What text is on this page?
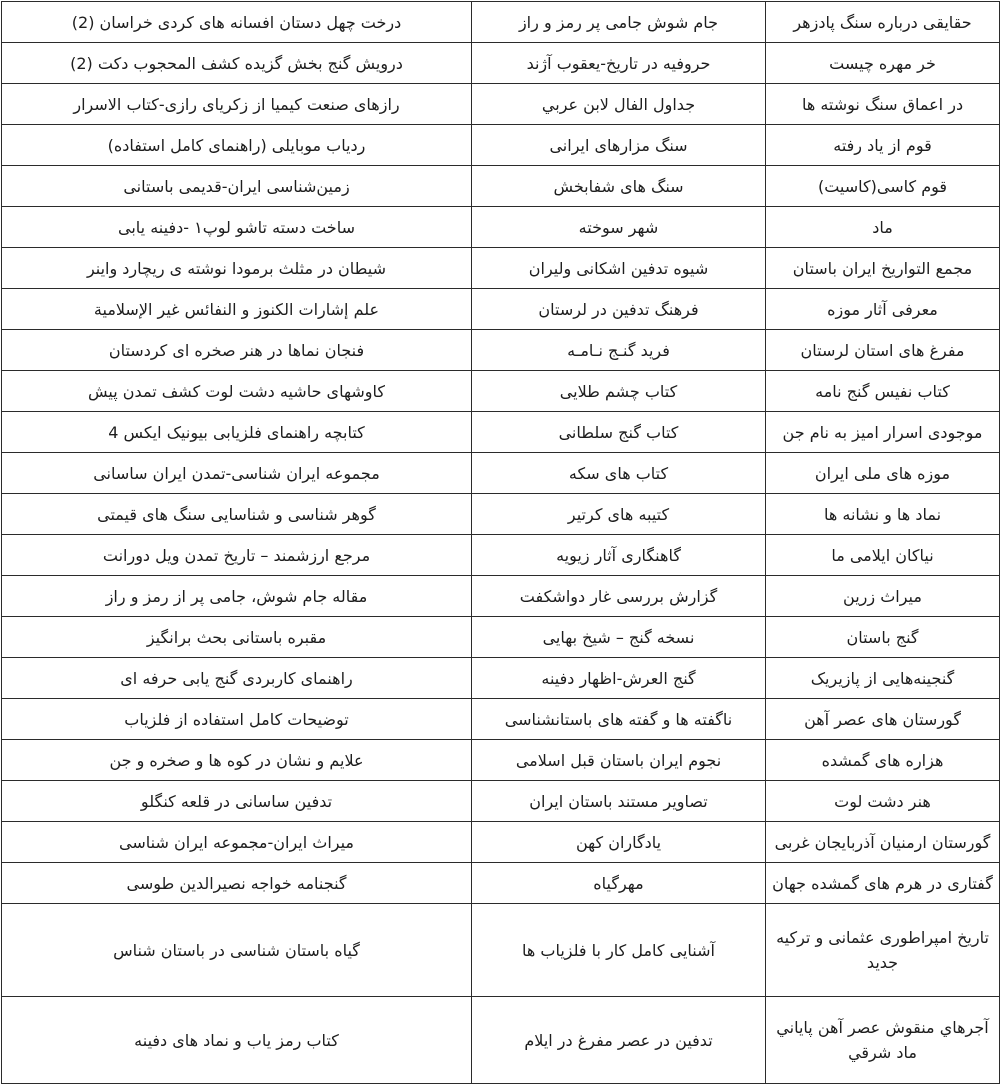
حقایقی درباره سنگ پادزهر	جام شوش جامی پر رمز و راز	درخت چهل دستان افسانه های کردی خراسان (2)
خر مهره چیست	حروفیه در تاریخ-یعقوب آژند	درویش گنج بخش گزیده کشف المحجوب دکت (2)
در اعماق سنگ نوشته ها	جداول الفال لابن عربي	رازهای صنعت کیمیا از زکریای رازی-کتاب الاسرار
قوم از یاد رفته	سنگ مزارهای ایرانی	ردیاب موبایلی (راهنمای کامل استفاده)
قوم کاسی(کاسیت)	سنگ های شفابخش	زمین‌شناسی ایران-قدیمی باستانی
ماد	شهر سوخته	ساخت دسته تاشو لوپ۱ -دفینه یابی
مجمع التواريخ ايران باستان	شیوه تدفین اشکانی ولیران	شیطان در مثلث برمودا نوشته ی ریچارد واینر
معرفی آثار موزه	فرهنگ تدفین در لرستان	علم إشارات الكنوز و النفائس غير الإسلامية
مفرغ های استان لرستان	فرید گنـج نـامـه	فنجان نماها در هنر صخره ای کردستان
کتاب نفیس گنج نامه	کتاب چشم طلایی	کاوشهای حاشیه دشت لوت کشف تمدن پیش
موجودی اسرار امیز به نام جن	کتاب گنج سلطانی	کتابچه راهنمای فلزیابی بیونیک ایکس 4
موزه های ملی ایران	کتاب های سکه	مجموعه ایران شناسی-تمدن ایران ساسانی
نماد ها و نشانه ها	کتیبه های کرتیر	گوهر شناسی و شناسایی سنگ های قیمتی
نیاکان ایلامی ما	گاهنگاری آثار زیویه	مرجع ارزشمند – تاریخ تمدن ویل دورانت
میراث زرین	گزارش بررسی غار دواشکفت	مقاله جام شوش، جامی پر از رمز و راز
گنج باستان	نسخه گنج – شیخ بهایی	مقبره باستانی بحث برانگیز
گنجینه‌هایی از پازیریک	گنج العرش-اظهار دفینه	راهنمای کاربردی گنج یابی حرفه ای
گورستان های عصر آهن	ناگفته ها و گفته های باستانشناسی	توضیحات کامل استفاده از فلزیاب
هزاره های گمشده	نجوم ایران باستان قبل اسلامی	علایم و نشان در کوه ها و صخره و جن
هنر دشت لوت	تصاویر مستند باستان ایران	تدفین ساسانی در قلعه کنگلو
گورستان ارمنیان آذربایجان غربی	یادگاران کهن	میراث ایران-مجموعه ایران شناسی
گفتاری در هرم های گمشده جهان	مهرگیاه	گنجنامه خواجه نصیرالدین طوسی
تاریخ امپراطوری عثمانی و ترکیه جدید	آشنایی کامل کار با فلزیاب ها	گیاه باستان شناسی در باستان شناس
آجرهاي منقوش عصر آهن پاياني ماد شرقي	تدفین در عصر مفرغ در ایلام	کتاب رمز یاب و نماد های دفینه
